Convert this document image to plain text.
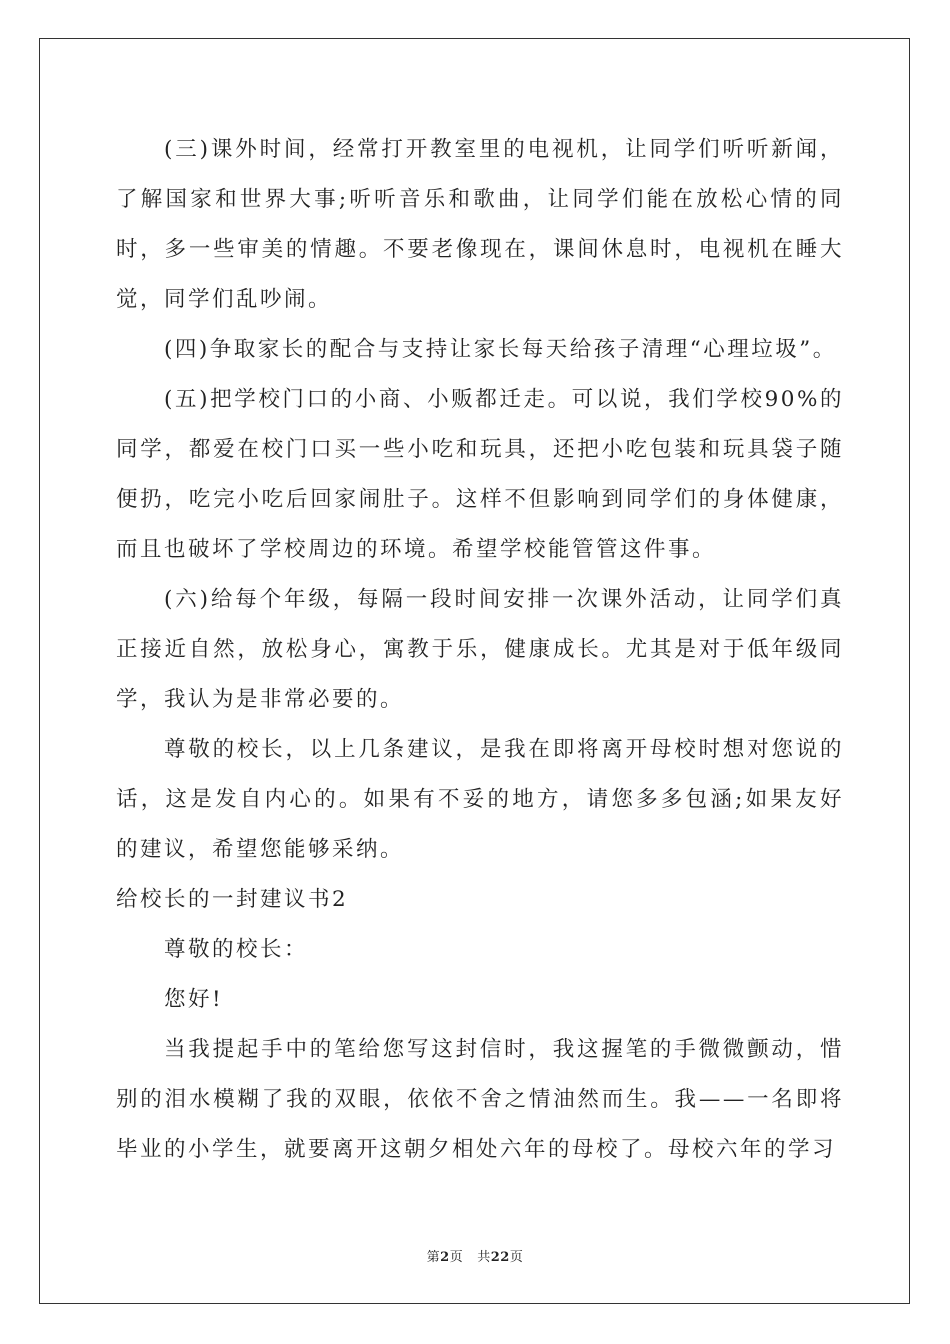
(三)课外时间，经常打开教室里的电视机，让同学们听听新闻，了解国家和世界大事;听听音乐和歌曲，让同学们能在放松心情的同时，多一些审美的情趣。不要老像现在，课间休息时，电视机在睡大觉，同学们乱吵闹。

(四)争取家长的配合与支持让家长每天给孩子清理“心理垃圾”。

(五)把学校门口的小商、小贩都迁走。可以说，我们学校90%的同学，都爱在校门口买一些小吃和玩具，还把小吃包装和玩具袋子随便扔，吃完小吃后回家闹肚子。这样不但影响到同学们的身体健康，而且也破坏了学校周边的环境。希望学校能管管这件事。

(六)给每个年级，每隔一段时间安排一次课外活动，让同学们真正接近自然，放松身心，寓教于乐，健康成长。尤其是对于低年级同学，我认为是非常必要的。

尊敬的校长，以上几条建议，是我在即将离开母校时想对您说的话，这是发自内心的。如果有不妥的地方，请您多多包涵;如果友好的建议，希望您能够采纳。

给校长的一封建议书2

尊敬的校长：

您好!

当我提起手中的笔给您写这封信时，我这握笔的手微微颤动，惜别的泪水模糊了我的双眼，依依不舍之情油然而生。我——一名即将毕业的小学生，就要离开这朝夕相处六年的母校了。母校六年的学习

第2页 共22页
